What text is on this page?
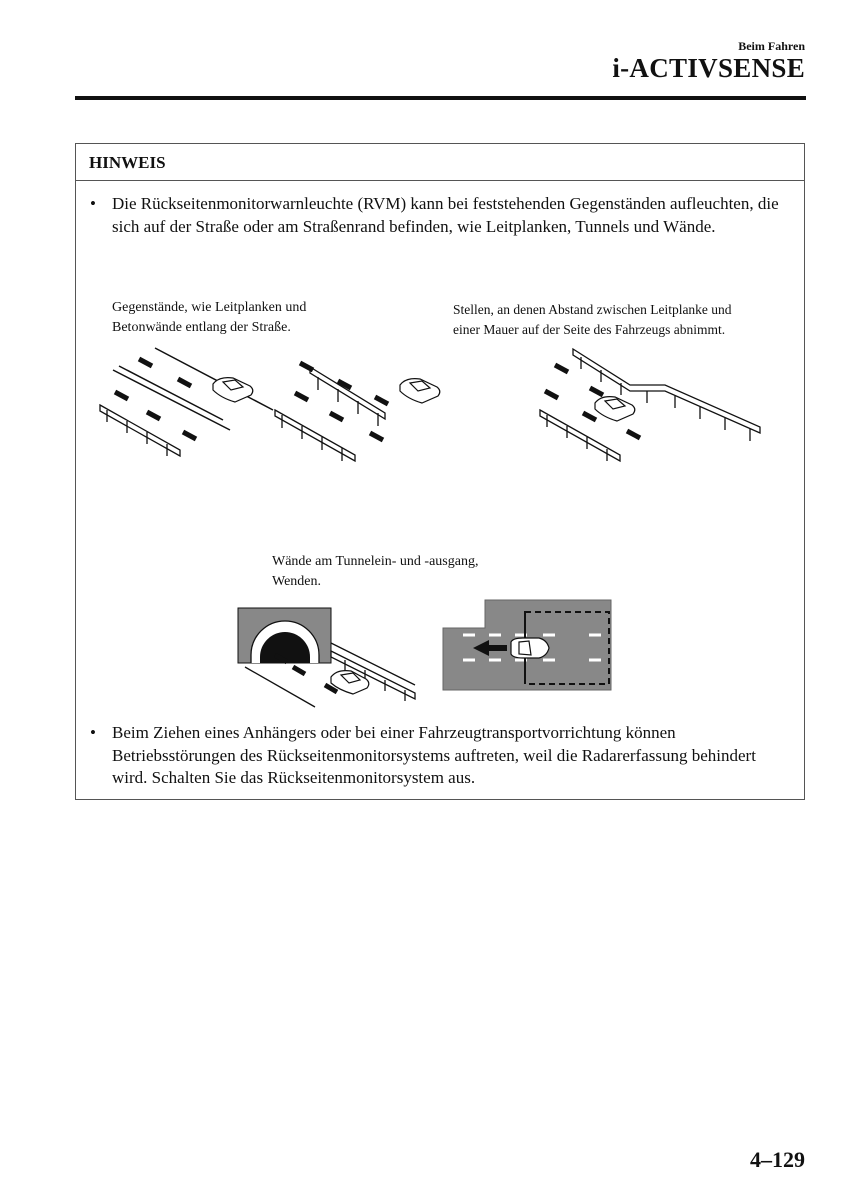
Beim Fahren
i-ACTIVSENSE
HINWEIS
• Die Rückseitenmonitorwarnleuchte (RVM) kann bei feststehenden Gegenständen aufleuchten, die sich auf der Straße oder am Straßenrand befinden, wie Leitplanken, Tunnels und Wände.
Gegenstände, wie Leitplanken und
Betonwände entlang der Straße.
Stellen, an denen Abstand zwischen Leitplanke und
einer Mauer auf der Seite des Fahrzeugs abnimmt.
Wände am Tunnelein- und -ausgang,
Wenden.
• Beim Ziehen eines Anhängers oder bei einer Fahrzeugtransportvorrichtung können Betriebsstörungen des Rückseitenmonitorsystems auftreten, weil die Radarerfassung behindert wird. Schalten Sie das Rückseitenmonitorsystem aus.
4–129
